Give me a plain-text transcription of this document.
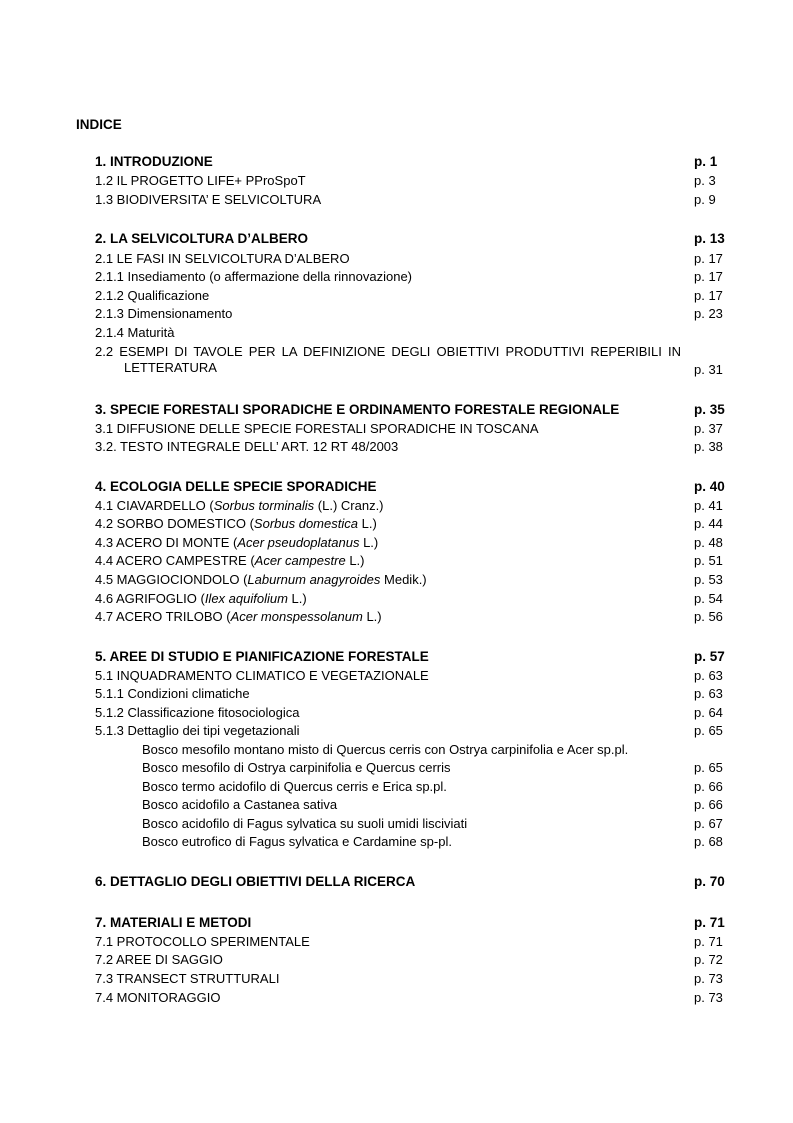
INDICE
1. INTRODUZIONE	p. 1
1.2 IL PROGETTO LIFE+ PProSpoT	p. 3
1.3 BIODIVERSITA’ E SELVICOLTURA	p. 9
2. LA SELVICOLTURA D’ALBERO	p. 13
2.1 LE FASI IN SELVICOLTURA D’ALBERO	p. 17
2.1.1 Insediamento (o affermazione della rinnovazione)	p. 17
2.1.2 Qualificazione	p. 17
2.1.3 Dimensionamento	p. 23
2.1.4 Maturità
2.2 ESEMPI DI TAVOLE PER LA DEFINIZIONE DEGLI OBIETTIVI PRODUTTIVI REPERIBILI IN
LETTERATURA	p. 31
3. SPECIE FORESTALI SPORADICHE E ORDINAMENTO FORESTALE REGIONALE	p. 35
3.1 DIFFUSIONE DELLE SPECIE FORESTALI SPORADICHE IN TOSCANA	p. 37
3.2. TESTO INTEGRALE DELL’ ART. 12 RT 48/2003	p. 38
4. ECOLOGIA DELLE SPECIE SPORADICHE	p. 40
4.1 CIAVARDELLO (Sorbus torminalis (L.) Cranz.)	p. 41
4.2 SORBO DOMESTICO (Sorbus domestica L.)	p. 44
4.3 ACERO DI MONTE (Acer pseudoplatanus L.)	p. 48
4.4 ACERO CAMPESTRE (Acer campestre L.)	p. 51
4.5 MAGGIOCIONDOLO (Laburnum anagyroides Medik.)	p. 53
4.6 AGRIFOGLIO (Ilex aquifolium L.)	p. 54
4.7 ACERO TRILOBO (Acer monspessolanum L.)	p. 56
5. AREE DI STUDIO E PIANIFICAZIONE FORESTALE	p. 57
5.1 INQUADRAMENTO CLIMATICO E VEGETAZIONALE	p. 63
5.1.1 Condizioni climatiche	p. 63
5.1.2 Classificazione fitosociologica	p. 64
5.1.3 Dettaglio dei tipi vegetazionali	p. 65
Bosco mesofilo montano misto di Quercus cerris con Ostrya carpinifolia e Acer sp.pl.
Bosco mesofilo di Ostrya carpinifolia e Quercus cerris	p. 65
Bosco termo acidofilo di Quercus cerris e Erica sp.pl.	p. 66
Bosco acidofilo a Castanea sativa	p. 66
Bosco acidofilo di Fagus sylvatica su suoli umidi lisciviati	p. 67
Bosco eutrofico di Fagus sylvatica e Cardamine sp-pl.	p. 68
6. DETTAGLIO DEGLI OBIETTIVI DELLA RICERCA	p. 70
7. MATERIALI E METODI	p. 71
7.1 PROTOCOLLO SPERIMENTALE	p. 71
7.2 AREE DI SAGGIO	p. 72
7.3 TRANSECT STRUTTURALI	p. 73
7.4 MONITORAGGIO	p. 73
